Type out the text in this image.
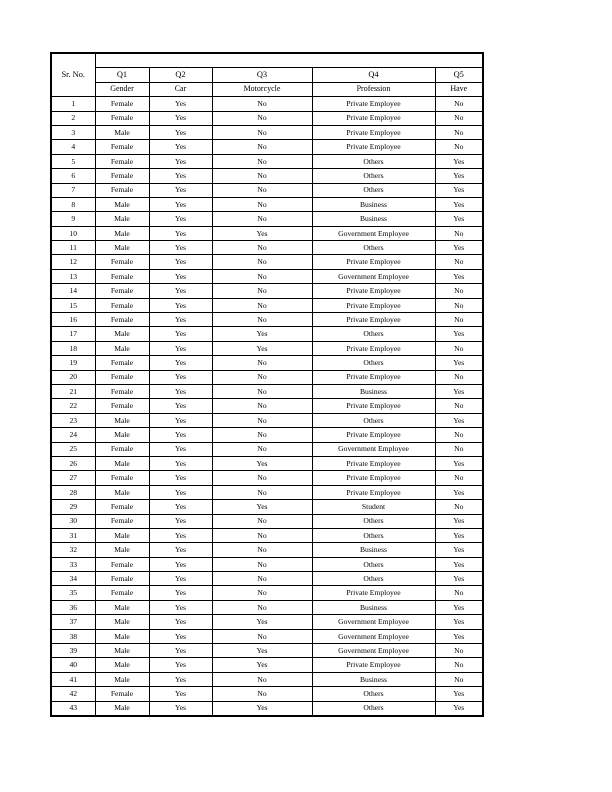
Sr. No.					
	Q1	Q2	Q3	Q4	Q5
	Gender	Car	Motorcycle	Profession	Have
1	Female	Yes	No	Private Employee	No
2	Female	Yes	No	Private Employee	No
3	Male	Yes	No	Private Employee	No
4	Female	Yes	No	Private Employee	No
5	Female	Yes	No	Others	Yes
6	Female	Yes	No	Others	Yes
7	Female	Yes	No	Others	Yes
8	Male	Yes	No	Business	Yes
9	Male	Yes	No	Business	Yes
10	Male	Yes	Yes	Government Employee	No
11	Male	Yes	No	Others	Yes
12	Female	Yes	No	Private Employee	No
13	Female	Yes	No	Government Employee	Yes
14	Female	Yes	No	Private Employee	No
15	Female	Yes	No	Private Employee	No
16	Female	Yes	No	Private Employee	No
17	Male	Yes	Yes	Others	Yes
18	Male	Yes	Yes	Private Employee	No
19	Female	Yes	No	Others	Yes
20	Female	Yes	No	Private Employee	No
21	Female	Yes	No	Business	Yes
22	Female	Yes	No	Private Employee	No
23	Male	Yes	No	Others	Yes
24	Male	Yes	No	Private Employee	No
25	Female	Yes	No	Government Employee	No
26	Male	Yes	Yes	Private Employee	Yes
27	Female	Yes	No	Private Employee	No
28	Male	Yes	No	Private Employee	Yes
29	Female	Yes	Yes	Student	No
30	Female	Yes	No	Others	Yes
31	Male	Yes	No	Others	Yes
32	Male	Yes	No	Business	Yes
33	Female	Yes	No	Others	Yes
34	Female	Yes	No	Others	Yes
35	Female	Yes	No	Private Employee	No
36	Male	Yes	No	Business	Yes
37	Male	Yes	Yes	Government Employee	Yes
38	Male	Yes	No	Government Employee	Yes
39	Male	Yes	Yes	Government Employee	No
40	Male	Yes	Yes	Private Employee	No
41	Male	Yes	No	Business	No
42	Female	Yes	No	Others	Yes
43	Male	Yes	Yes	Others	Yes
